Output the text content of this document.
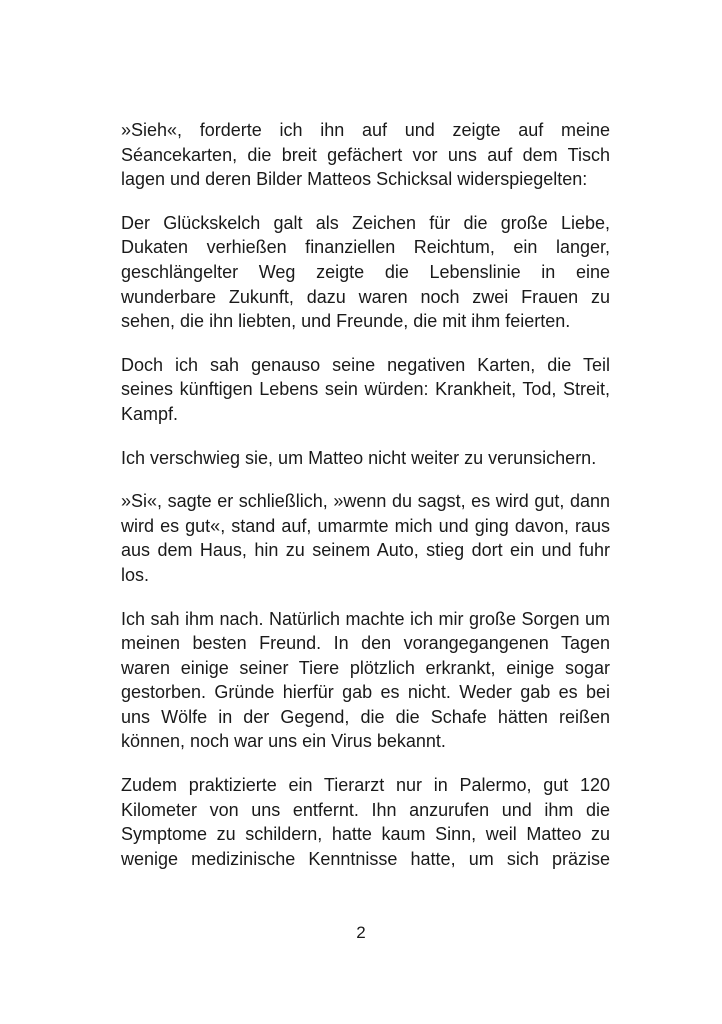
»Sieh«, forderte ich ihn auf und zeigte auf meine Séancekarten, die breit gefächert vor uns auf dem Tisch lagen und deren Bilder Matteos Schicksal widerspiegelten:

Der Glückskelch galt als Zeichen für die große Liebe, Dukaten verhießen finanziellen Reichtum, ein langer, geschlängelter Weg zeigte die Lebenslinie in eine wunderbare Zukunft, dazu waren noch zwei Frauen zu sehen, die ihn liebten, und Freunde, die mit ihm feierten.

Doch ich sah genauso seine negativen Karten, die Teil seines künftigen Lebens sein würden: Krankheit, Tod, Streit, Kampf.

Ich verschwieg sie, um Matteo nicht weiter zu verunsichern.

»Si«, sagte er schließlich, »wenn du sagst, es wird gut, dann wird es gut«, stand auf, umarmte mich und ging davon, raus aus dem Haus, hin zu seinem Auto, stieg dort ein und fuhr los.

Ich sah ihm nach. Natürlich machte ich mir große Sorgen um meinen besten Freund. In den vorangegangenen Tagen waren einige seiner Tiere plötzlich erkrankt, einige sogar gestorben. Gründe hierfür gab es nicht. Weder gab es bei uns Wölfe in der Gegend, die die Schafe hätten reißen können, noch war uns ein Virus bekannt.

Zudem praktizierte ein Tierarzt nur in Palermo, gut 120 Kilometer von uns entfernt. Ihn anzurufen und ihm die Symptome zu schildern, hatte kaum Sinn, weil Matteo zu wenige medizinische Kenntnisse hatte, um sich präzise

2
